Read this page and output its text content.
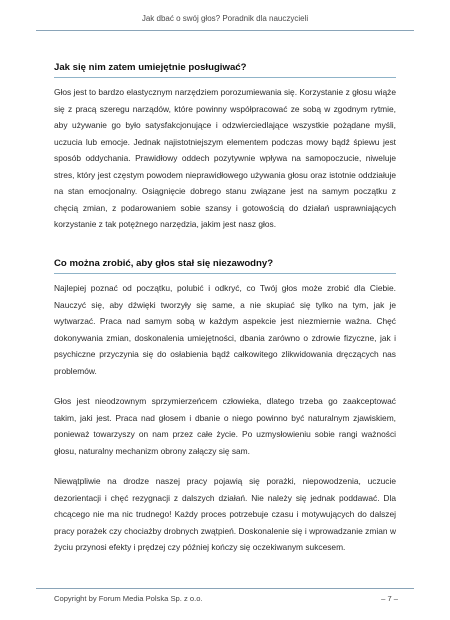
Jak dbać o swój głos? Poradnik dla nauczycieli
Jak się nim zatem umiejętnie posługiwać?

Głos jest to bardzo elastycznym narzędziem porozumiewania się. Korzystanie z głosu wiąże się z pracą szeregu narządów, które powinny współpracować ze sobą w zgodnym rytmie, aby używanie go było satysfakcjonujące i odzwierciedlające wszystkie pożądane myśli, uczucia lub emocje. Jednak najistotniejszym elementem podczas mowy bądź śpiewu jest sposób oddychania. Prawidłowy oddech pozytywnie wpływa na samopoczucie, niweluje stres, który jest częstym powodem nieprawidłowego używania głosu oraz istotnie oddziałuje na stan emocjonalny. Osiągnięcie dobrego stanu związane jest na samym początku z chęcią zmian, z podarowaniem sobie szansy i gotowością do działań usprawniających korzystanie z tak potężnego narzędzia, jakim jest nasz głos.

Co można zrobić, aby głos stał się niezawodny?

Najlepiej poznać od początku, polubić i odkryć, co Twój głos może zrobić dla Ciebie. Nauczyć się, aby dźwięki tworzyły się same, a nie skupiać się tylko na tym, jak je wytwarzać. Praca nad samym sobą w każdym aspekcie jest niezmiernie ważna. Chęć dokonywania zmian, doskonalenia umiejętności, dbania zarówno o zdrowie fizyczne, jak i psychiczne przyczynia się do osłabienia bądź całkowitego zlikwidowania dręczących nas problemów.

Głos jest nieodzownym sprzymierzeńcem człowieka, dlatego trzeba go zaakceptować takim, jaki jest. Praca nad głosem i dbanie o niego powinno być naturalnym zjawiskiem, ponieważ towarzyszy on nam przez całe życie. Po uzmysłowieniu sobie rangi ważności głosu, naturalny mechanizm obrony załączy się sam.

Niewątpliwie na drodze naszej pracy pojawią się porażki, niepowodzenia, uczucie dezorientacji i chęć rezygnacji z dalszych działań. Nie należy się jednak poddawać. Dla chcącego nie ma nic trudnego! Każdy proces potrzebuje czasu i motywujących do dalszej pracy porażek czy chociażby drobnych zwątpień. Doskonalenie się i wprowadzanie zmian w życiu przynosi efekty i prędzej czy później kończy się oczekiwanym sukcesem.

Copyright by Forum Media Polska Sp. z o.o.	– 7 –
